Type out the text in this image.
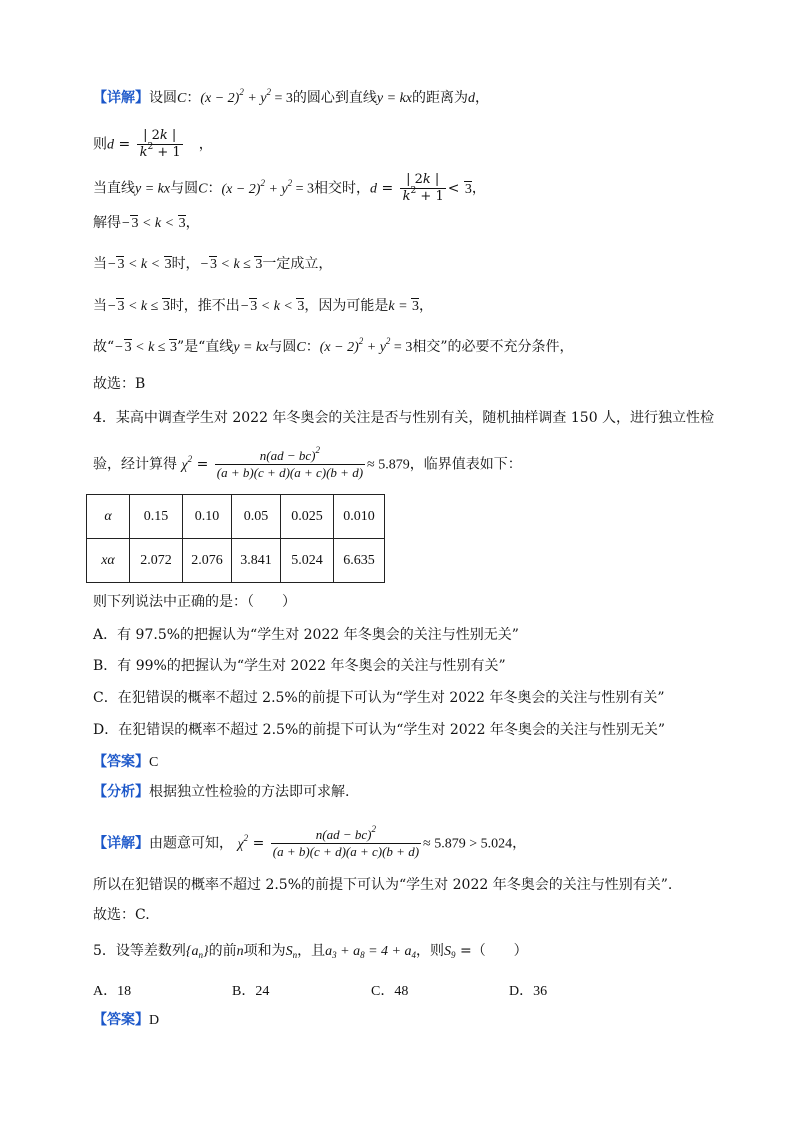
【详解】设圆C：$(x - 2)^2 + y^2 = 3$的圆心到直线y = kx的距离为d，
则$d = \frac{| 2k |}{k^2 + 1}$ 　，
当直线y = kx与圆C：$(x - 2)^2 + y^2 = 3$相交时，$d = \frac{| 2k |}{k^2 + 1} < 3$，
解得−3 < k < 3，
当−3 < k < 3时，−3 < k ≤ 3一定成立，
当−3 < k ≤ 3时，推不出−3 < k < 3，因为可能是k = 3，
故“−3 < k ≤ 3”是“直线y = kx与圆C：$(x - 2)^2 + y^2 = 3$相交”的必要不充分条件，
故选：B
4．某高中调查学生对 2022 年冬奥会的关注是否与性别有关，随机抽样调查 150 人，进行独立性检
验，经计算得 $\chi^2 = \frac{n(ad - bc)^2}{(a + b)(c + d)(a + c)(b + d)} \approx 5.879$，临界值表如下：
α	0.15	0.10	0.05	0.025	0.010
xα	2.072	2.076	3.841	5.024	6.635
则下列说法中正确的是：（　　）
A．有 97.5%的把握认为“学生对 2022 年冬奥会的关注与性别无关”
B．有 99%的把握认为“学生对 2022 年冬奥会的关注与性别有关”
C．在犯错误的概率不超过 2.5%的前提下可认为“学生对 2022 年冬奥会的关注与性别有关”
D．在犯错误的概率不超过 2.5%的前提下可认为“学生对 2022 年冬奥会的关注与性别无关”
【答案】C
【分析】根据独立性检验的方法即可求解.
【详解】由题意可知， $\chi^2 = \frac{n(ad - bc)^2}{(a + b)(c + d)(a + c)(b + d)} \approx 5.879 > 5.024$，
所以在犯错误的概率不超过 2.5%的前提下可认为“学生对 2022 年冬奥会的关注与性别有关”.
故选：C.
5．设等差数列$\{a_n\}$的前n项和为$S_n$，且$a_3 + a_8 = 4 + a_4$，则$S_9$ =（　　）
A．18	B．24	C．48	D．36
【答案】D
